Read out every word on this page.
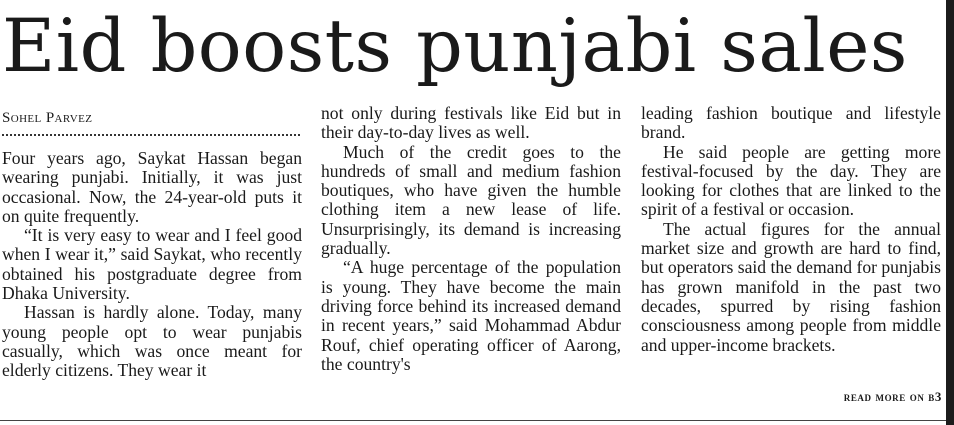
Eid boosts punjabi sales
Sohel Parvez

Four years ago, Saykat Hassan began wearing punjabi. Initially, it was just occasional. Now, the 24-year-old puts it on quite frequently.

“It is very easy to wear and I feel good when I wear it,” said Saykat, who recently obtained his postgraduate degree from Dhaka University.

Hassan is hardly alone. Today, many young people opt to wear punjabis casually, which was once meant for elderly citizens. They wear it

not only during festivals like Eid but in their day-to-day lives as well.

Much of the credit goes to the hundreds of small and medium fashion boutiques, who have given the humble clothing item a new lease of life. Unsurprisingly, its demand is increasing gradually.

“A huge percentage of the population is young. They have become the main driving force behind its increased demand in recent years,” said Mohammad Abdur Rouf, chief operating officer of Aarong, the country's

leading fashion boutique and lifestyle brand.

He said people are getting more festival-focused by the day. They are looking for clothes that are linked to the spirit of a festival or occasion.

The actual figures for the annual market size and growth are hard to find, but operators said the demand for punjabis has grown manifold in the past two decades, spurred by rising fashion consciousness among people from middle and upper-income brackets.

read more on b3
